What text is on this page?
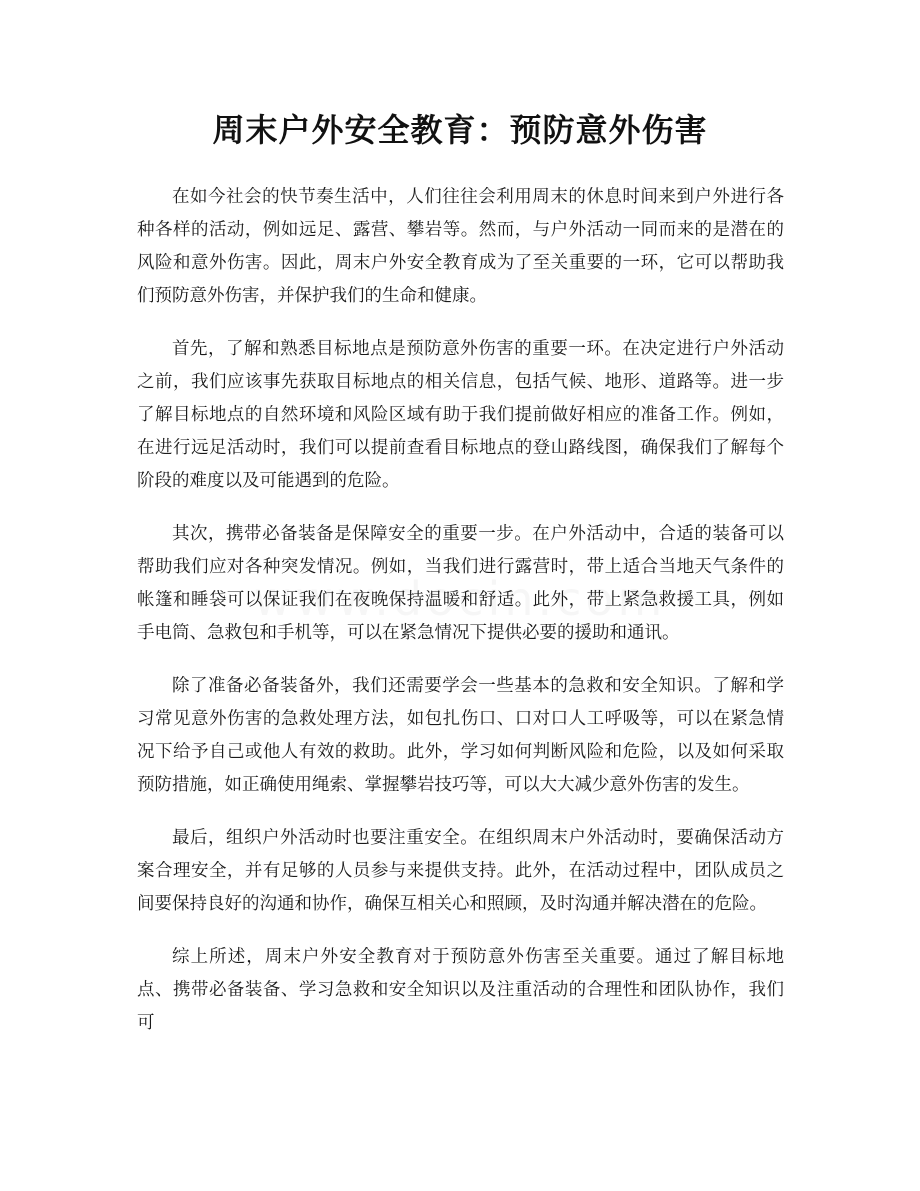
周末户外安全教育：预防意外伤害

在如今社会的快节奏生活中，人们往往会利用周末的休息时间来到户外进行各种各样的活动，例如远足、露营、攀岩等。然而，与户外活动一同而来的是潜在的风险和意外伤害。因此，周末户外安全教育成为了至关重要的一环，它可以帮助我们预防意外伤害，并保护我们的生命和健康。

首先，了解和熟悉目标地点是预防意外伤害的重要一环。在决定进行户外活动之前，我们应该事先获取目标地点的相关信息，包括气候、地形、道路等。进一步了解目标地点的自然环境和风险区域有助于我们提前做好相应的准备工作。例如，在进行远足活动时，我们可以提前查看目标地点的登山路线图，确保我们了解每个阶段的难度以及可能遇到的危险。

其次，携带必备装备是保障安全的重要一步。在户外活动中，合适的装备可以帮助我们应对各种突发情况。例如，当我们进行露营时，带上适合当地天气条件的帐篷和睡袋可以保证我们在夜晚保持温暖和舒适。此外，带上紧急救援工具，例如手电筒、急救包和手机等，可以在紧急情况下提供必要的援助和通讯。

除了准备必备装备外，我们还需要学会一些基本的急救和安全知识。了解和学习常见意外伤害的急救处理方法，如包扎伤口、口对口人工呼吸等，可以在紧急情况下给予自己或他人有效的救助。此外，学习如何判断风险和危险，以及如何采取预防措施，如正确使用绳索、掌握攀岩技巧等，可以大大减少意外伤害的发生。

最后，组织户外活动时也要注重安全。在组织周末户外活动时，要确保活动方案合理安全，并有足够的人员参与来提供支持。此外，在活动过程中，团队成员之间要保持良好的沟通和协作，确保互相关心和照顾，及时沟通并解决潜在的危险。

综上所述，周末户外安全教育对于预防意外伤害至关重要。通过了解目标地点、携带必备装备、学习急救和安全知识以及注重活动的合理性和团队协作，我们可
